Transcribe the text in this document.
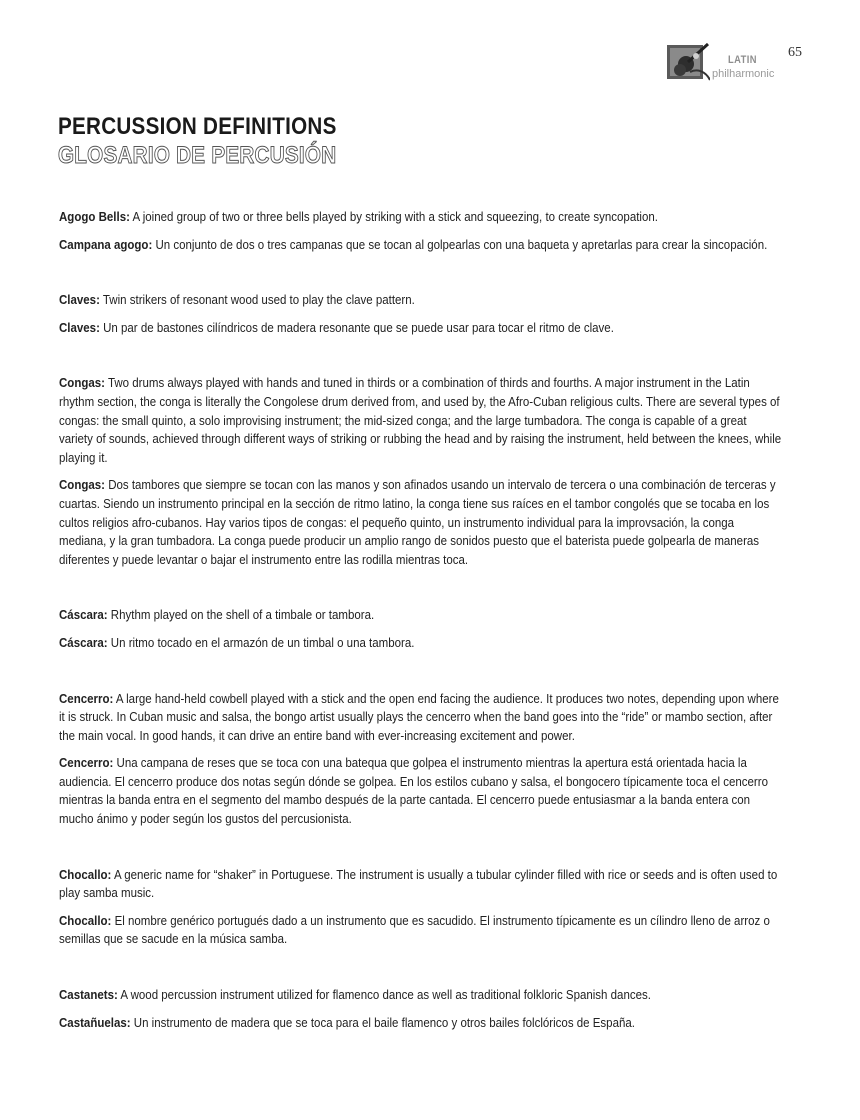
LATIN
philharmonic
65
PERCUSSION DEFINITIONS
GLOSARIO DE PERCUSIÓN

Agogo Bells: A joined group of two or three bells played by striking with a stick and squeezing, to create syncopation.

Campana agogo: Un conjunto de dos o tres campanas que se tocan al golpearlas con una baqueta y apretarlas para crear la sincopación.

Claves: Twin strikers of resonant wood used to play the clave pattern.

Claves: Un par de bastones cilíndricos de madera resonante que se puede usar para tocar el ritmo de clave.

Congas: Two drums always played with hands and tuned in thirds or a combination of thirds and fourths. A major instrument in the Latin rhythm section, the conga is literally the Congolese drum derived from, and used by, the Afro-Cuban religious cults. There are several types of congas: the small quinto, a solo improvising instrument; the mid-sized conga; and the large tumbadora. The conga is capable of a great variety of sounds, achieved through different ways of striking or rubbing the head and by raising the instrument, held between the knees, while playing it.

Congas: Dos tambores que siempre se tocan con las manos y son afinados usando un intervalo de tercera o una combinación de terceras y cuartas. Siendo un instrumento principal en la sección de ritmo latino, la conga tiene sus raíces en el tambor congolés que se tocaba en los cultos religios afro-cubanos. Hay varios tipos de congas: el pequeño quinto, un instrumento individual para la improvsación, la conga mediana, y la gran tumbadora. La conga puede producir un amplio rango de sonidos puesto que el baterista puede golpearla de maneras diferentes y puede levantar o bajar el instrumento entre las rodilla mientras toca.

Cáscara: Rhythm played on the shell of a timbale or tambora.

Cáscara: Un ritmo tocado en el armazón de un timbal o una tambora.

Cencerro: A large hand-held cowbell played with a stick and the open end facing the audience. It produces two notes, depending upon where it is struck. In Cuban music and salsa, the bongo artist usually plays the cencerro when the band goes into the “ride” or mambo section, after the main vocal. In good hands, it can drive an entire band with ever-increasing excitement and power.

Cencerro: Una campana de reses que se toca con una batequa que golpea el instrumento mientras la apertura está orientada hacia la audiencia. El cencerro produce dos notas según dónde se golpea. En los estilos cubano y salsa, el bongocero típicamente toca el cencerro mientras la banda entra en el segmento del mambo después de la parte cantada. El cencerro puede entusiasmar a la banda entera con mucho ánimo y poder según los gustos del percusionista.

Chocallo: A generic name for “shaker” in Portuguese. The instrument is usually a tubular cylinder filled with rice or seeds and is often used to play samba music.

Chocallo: El nombre genérico portugués dado a un instrumento que es sacudido. El instrumento típicamente es un cílindro lleno de arroz o semillas que se sacude en la música samba.

Castanets: A wood percussion instrument utilized for flamenco dance as well as traditional folkloric Spanish dances.

Castañuelas: Un instrumento de madera que se toca para el baile flamenco y otros bailes folclóricos de España.
